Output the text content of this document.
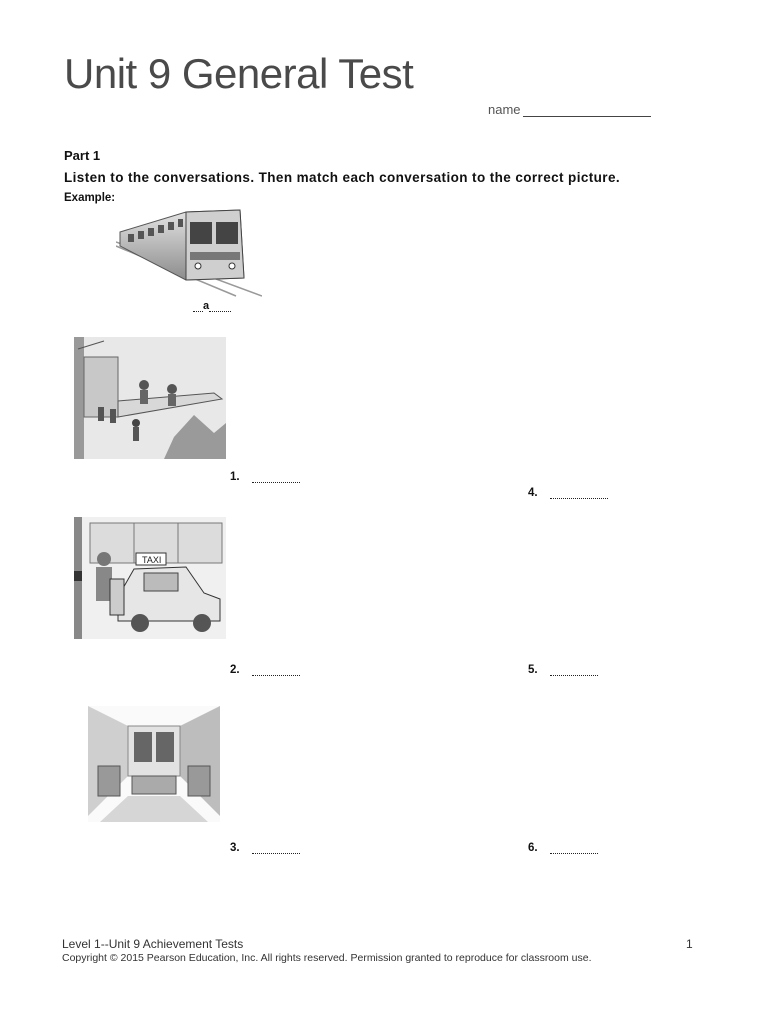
Unit 9 General Test
name
Part 1
Listen to the conversations. Then match each conversation to the correct picture.
Example:
a
TAXI
1.
2.
3.
4.
5.
6.
Level 1--Unit 9 Achievement Tests	1
Copyright © 2015 Pearson Education, Inc. All rights reserved. Permission granted to reproduce for classroom use.
